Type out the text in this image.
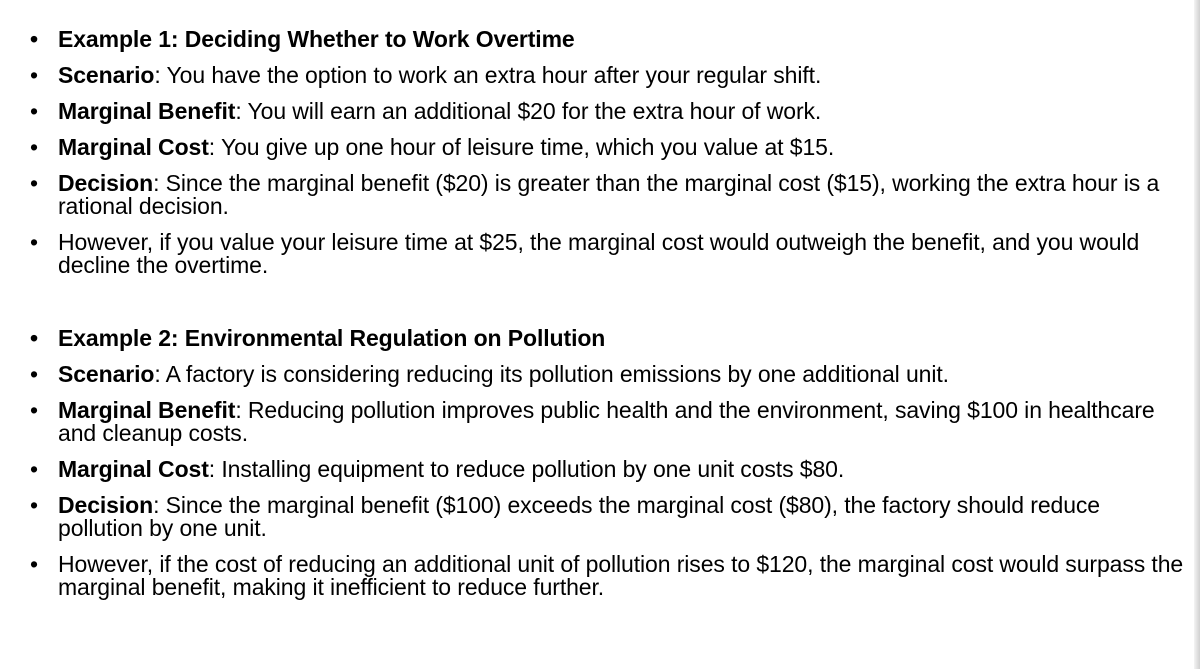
• Example 1: Deciding Whether to Work Overtime
• Scenario: You have the option to work an extra hour after your regular shift.
• Marginal Benefit: You will earn an additional $20 for the extra hour of work.
• Marginal Cost: You give up one hour of leisure time, which you value at $15.
• Decision: Since the marginal benefit ($20) is greater than the marginal cost ($15), working the extra hour is a rational decision.
• However, if you value your leisure time at $25, the marginal cost would outweigh the benefit, and you would decline the overtime.
• Example 2: Environmental Regulation on Pollution
• Scenario: A factory is considering reducing its pollution emissions by one additional unit.
• Marginal Benefit: Reducing pollution improves public health and the environment, saving $100 in healthcare and cleanup costs.
• Marginal Cost: Installing equipment to reduce pollution by one unit costs $80.
• Decision: Since the marginal benefit ($100) exceeds the marginal cost ($80), the factory should reduce pollution by one unit.
• However, if the cost of reducing an additional unit of pollution rises to $120, the marginal cost would surpass the marginal benefit, making it inefficient to reduce further.
